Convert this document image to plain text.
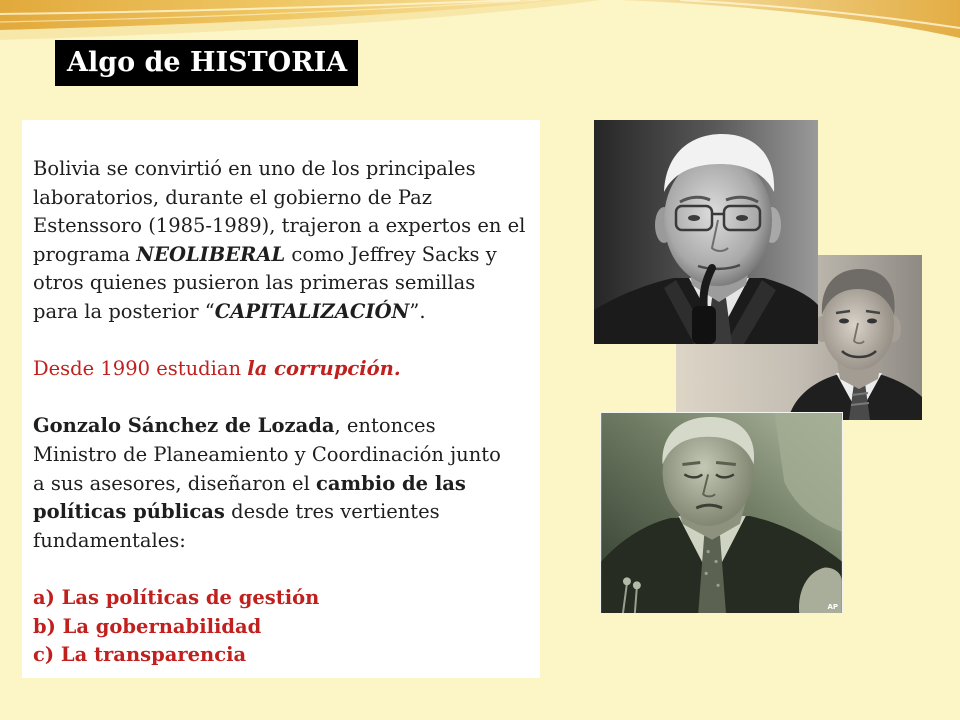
Algo de HISTORIA
Bolivia se convirtió en uno de los principales
laboratorios, durante el gobierno de Paz
Estenssoro (1985-1989), trajeron a expertos en el
programa NEOLIBERAL como Jeffrey Sacks y
otros quienes pusieron las primeras semillas
para la posterior “CAPITALIZACIÓN”.
Desde 1990 estudian la corrupción.
Gonzalo Sánchez de Lozada, entonces
Ministro de Planeamiento y Coordinación junto
a sus asesores, diseñaron el cambio de las
políticas públicas desde tres vertientes
fundamentales:
a) Las políticas de gestión
b) La gobernabilidad
c) La transparencia
AP
